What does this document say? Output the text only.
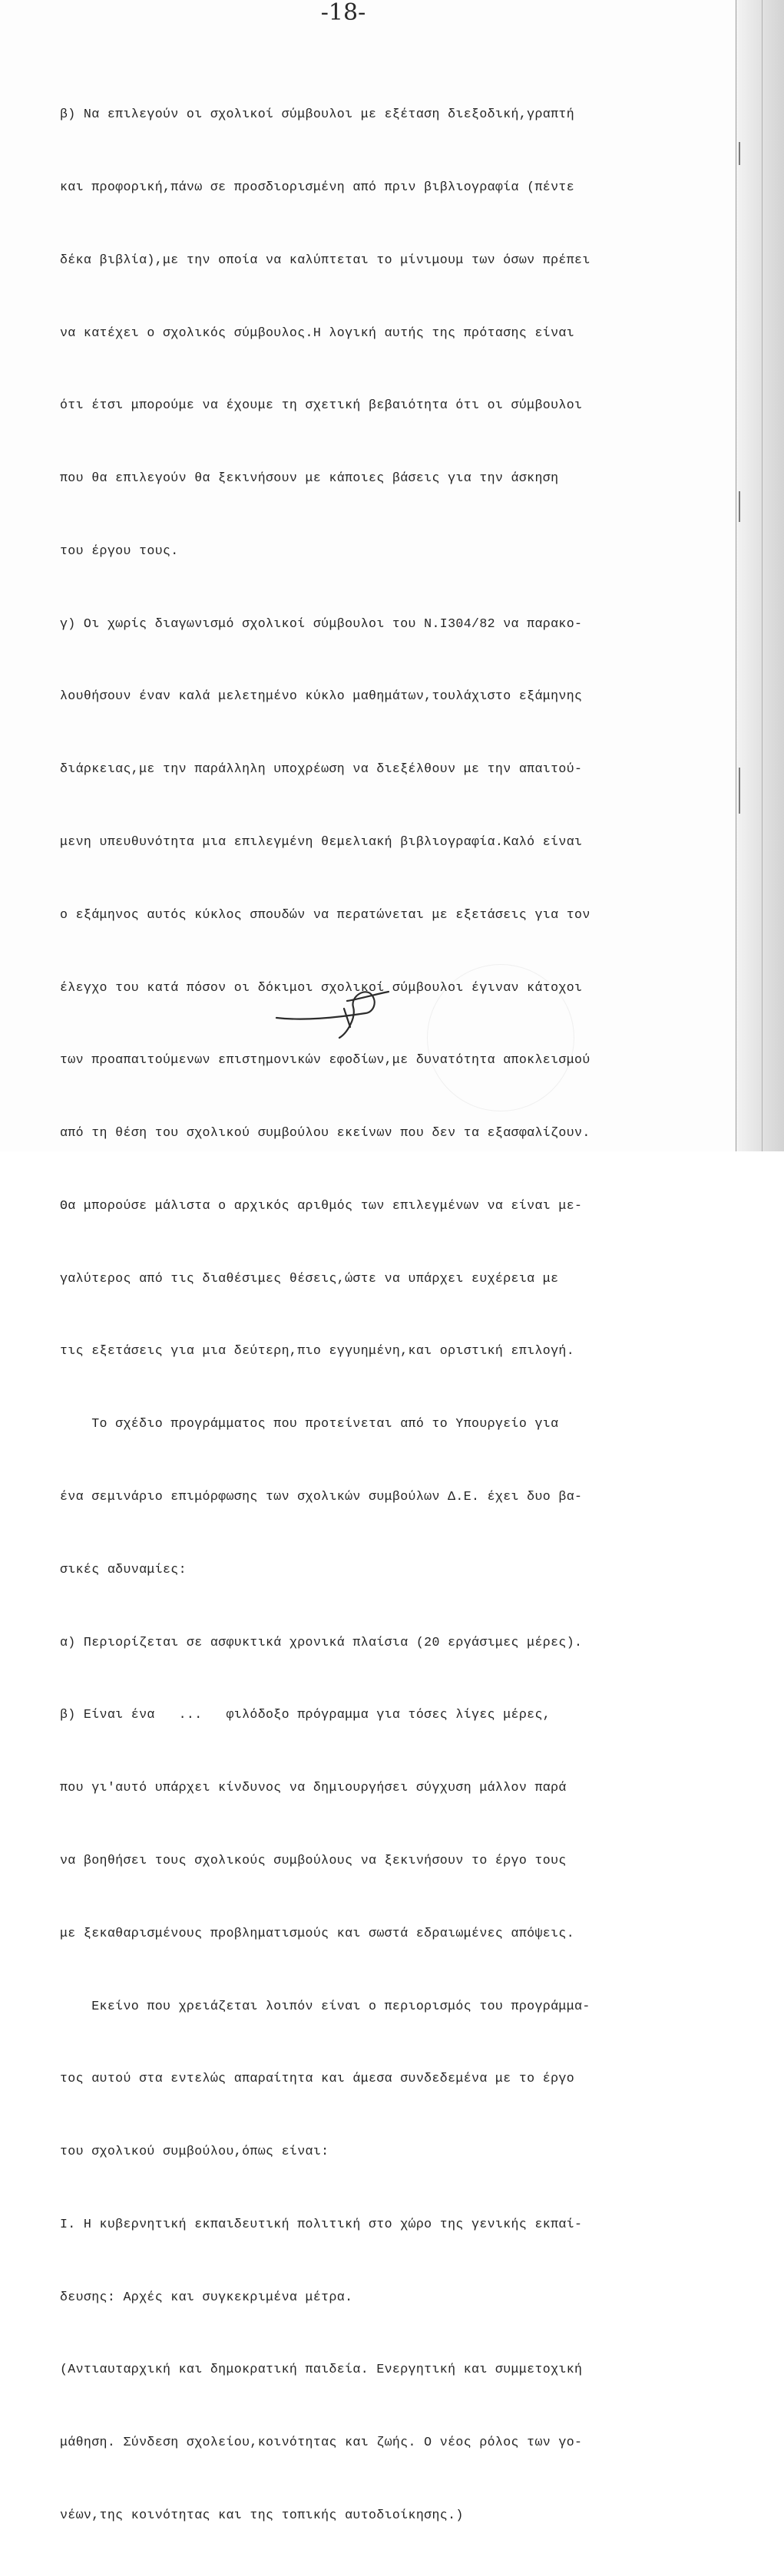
-18-

β) Να επιλεγούν οι σχολικοί σύμβουλοι με εξέταση διεξοδική,γραπτή

και προφορική,πάνω σε προσδιορισμένη από πριν βιβλιογραφία (πέντε

δέκα βιβλία),με την οποία να καλύπτεται το μίνιμουμ των όσων πρέπει

να κατέχει ο σχολικός σύμβουλος.Η λογική αυτής της πρότασης είναι

ότι έτσι μπορούμε να έχουμε τη σχετική βεβαιότητα ότι οι σύμβουλοι

που θα επιλεγούν θα ξεκινήσουν με κάποιες βάσεις για την άσκηση

του έργου τους.

γ) Οι χωρίς διαγωνισμό σχολικοί σύμβουλοι του Ν.Ι304/82 να παρακο-

λουθήσουν έναν καλά μελετημένο κύκλο μαθημάτων,τουλάχιστο εξάμηνης

διάρκειας,με την παράλληλη υποχρέωση να διεξέλθουν με την απαιτού-

μενη υπευθυνότητα μια επιλεγμένη θεμελιακή βιβλιογραφία.Καλό είναι

ο εξάμηνος αυτός κύκλος σπουδών να περατώνεται με εξετάσεις για τον

έλεγχο του κατά πόσον οι δόκιμοι σχολικοί σύμβουλοι έγιναν κάτοχοι

των προαπαιτούμενων επιστημονικών εφοδίων,με δυνατότητα αποκλεισμού

από τη θέση του σχολικού συμβούλου εκείνων που δεν τα εξασφαλίζουν.

Θα μπορούσε μάλιστα ο αρχικός αριθμός των επιλεγμένων να είναι με-

γαλύτερος από τις διαθέσιμες θέσεις,ώστε να υπάρχει ευχέρεια με

τις εξετάσεις για μια δεύτερη,πιο εγγυημένη,και οριστική επιλογή.

Το σχέδιο προγράμματος που προτείνεται από το Υπουργείο για

ένα σεμινάριο επιμόρφωσης των σχολικών συμβούλων Δ.Ε. έχει δυο βα-

σικές αδυναμίες:

α) Περιορίζεται σε ασφυκτικά χρονικά πλαίσια (20 εργάσιμες μέρες).

β) Είναι ένα   ...   φιλόδοξο πρόγραμμα για τόσες λίγες μέρες,

που γι'αυτό υπάρχει κίνδυνος να δημιουργήσει σύγχυση μάλλον παρά

να βοηθήσει τους σχολικούς συμβούλους να ξεκινήσουν το έργο τους

με ξεκαθαρισμένους προβληματισμούς και σωστά εδραιωμένες απόψεις.

Εκείνο που χρειάζεται λοιπόν είναι ο περιορισμός του προγράμμα-

τος αυτού στα εντελώς απαραίτητα και άμεσα συνδεδεμένα με το έργο

του σχολικού συμβούλου,όπως είναι:

Ι. Η κυβερνητική εκπαιδευτική πολιτική στο χώρο της γενικής εκπαί-

δευσης: Αρχές και συγκεκριμένα μέτρα.

(Αντιαυταρχική και δημοκρατική παιδεία. Ενεργητική και συμμετοχική

μάθηση. Σύνδεση σχολείου,κοινότητας και ζωής. Ο νέος ρόλος των γο-

νέων,της κοινότητας και της τοπικής αυτοδιοίκησης.)
